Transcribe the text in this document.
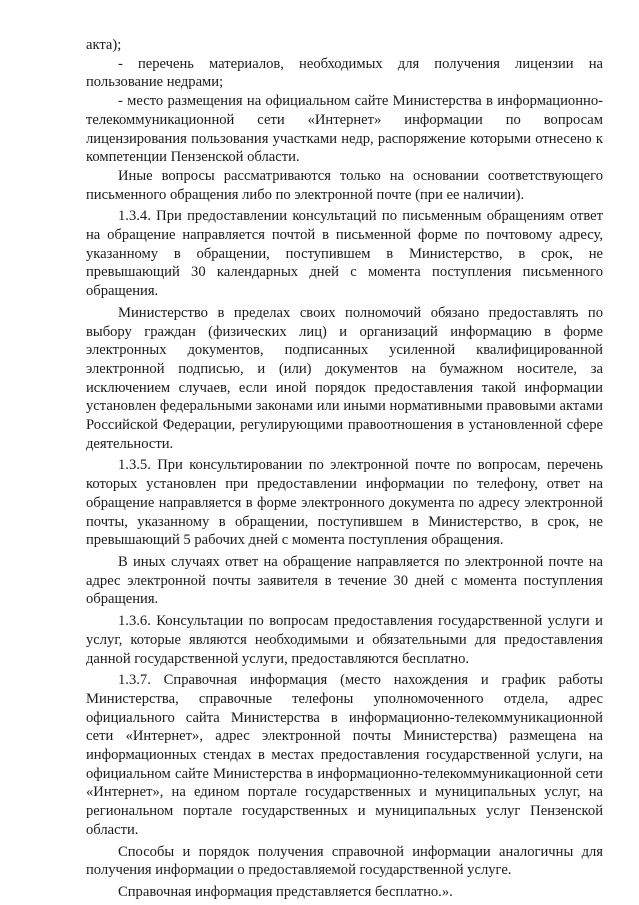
акта);

- перечень материалов, необходимых для получения лицензии на пользование недрами;

- место размещения на официальном сайте Министерства в информационно-телекоммуникационной сети «Интернет» информации по вопросам лицензирования пользования участками недр, распоряжение которыми отнесено к компетенции Пензенской области.

Иные вопросы рассматриваются только на основании соответствующего письменного обращения либо по электронной почте (при ее наличии).

1.3.4. При предоставлении консультаций по письменным обращениям ответ на обращение направляется почтой в письменной форме по почтовому адресу, указанному в обращении, поступившем в Министерство, в срок, не превышающий 30 календарных дней с момента поступления письменного обращения.

Министерство в пределах своих полномочий обязано предоставлять по выбору граждан (физических лиц) и организаций информацию в форме электронных документов, подписанных усиленной квалифицированной электронной подписью, и (или) документов на бумажном носителе, за исключением случаев, если иной порядок предоставления такой информации установлен федеральными законами или иными нормативными правовыми актами Российской Федерации, регулирующими правоотношения в установленной сфере деятельности.

1.3.5. При консультировании по электронной почте по вопросам, перечень которых установлен при предоставлении информации по телефону, ответ на обращение направляется в форме электронного документа по адресу электронной почты, указанному в обращении, поступившем в Министерство, в срок, не превышающий 5 рабочих дней с момента поступления обращения.

В иных случаях ответ на обращение направляется по электронной почте на адрес электронной почты заявителя в течение 30 дней с момента поступления обращения.

1.3.6. Консультации по вопросам предоставления государственной услуги и услуг, которые являются необходимыми и обязательными для предоставления данной государственной услуги, предоставляются бесплатно.

1.3.7. Справочная информация (место нахождения и график работы Министерства, справочные телефоны уполномоченного отдела, адрес официального сайта Министерства в информационно-телекоммуникационной сети «Интернет», адрес электронной почты Министерства) размещена на информационных стендах в местах предоставления государственной услуги, на официальном сайте Министерства в информационно-телекоммуникационной сети «Интернет», на едином портале государственных и муниципальных услуг, на региональном портале государственных и муниципальных услуг Пензенской области.

Способы и порядок получения справочной информации аналогичны для получения информации о предоставляемой государственной услуге.

Справочная информация представляется бесплатно.».
